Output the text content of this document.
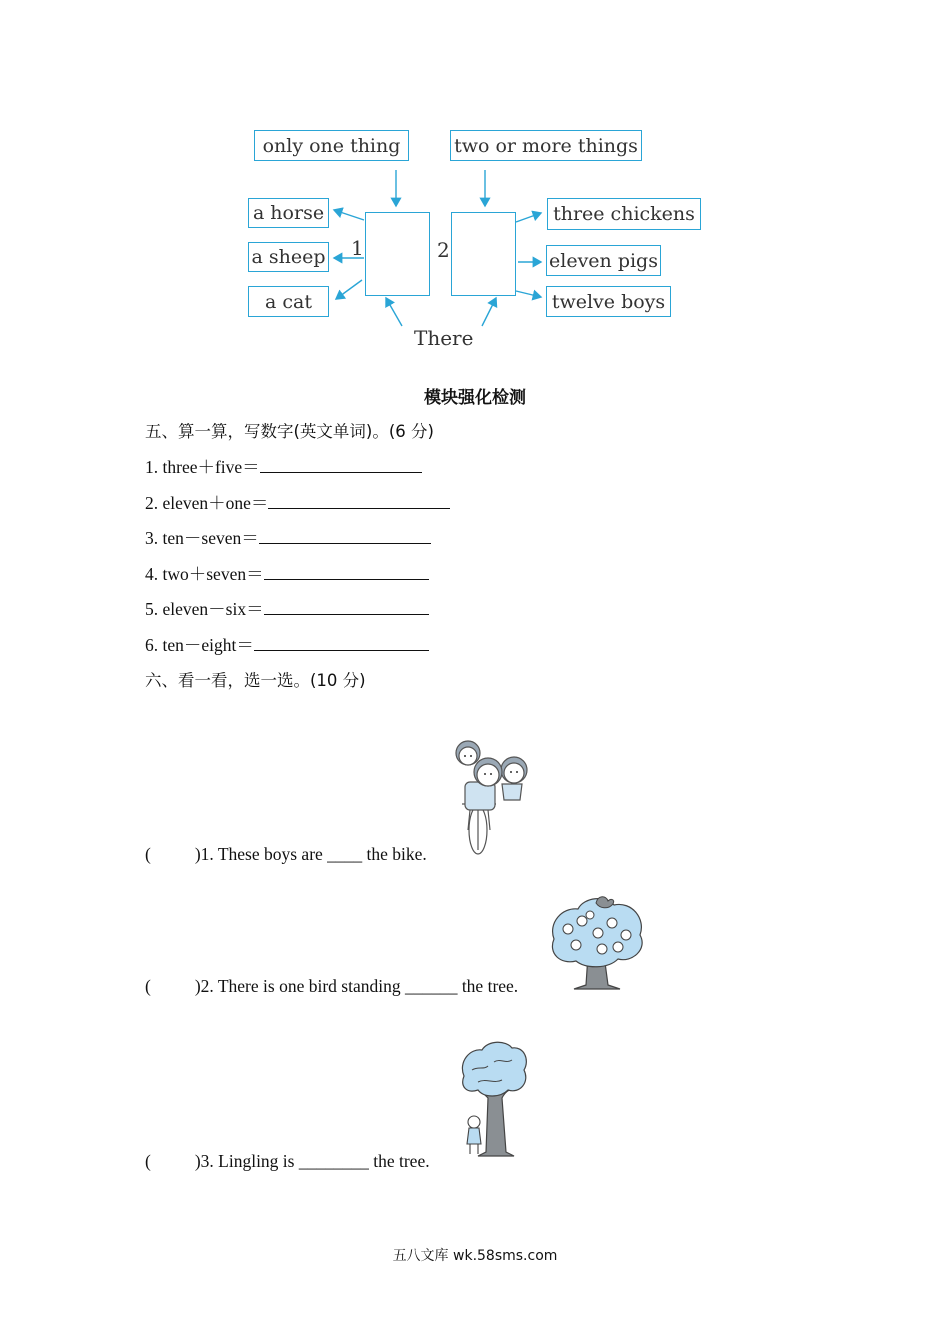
only one thing	two or more things
a horse
a sheep
a cat
1	2
three chickens
eleven pigs
twelve boys
There
模块强化检测
五、算一算，写数字(英文单词)。(6 分)
1. three＋five＝
2. eleven＋one＝
3. ten－seven＝
4. two＋seven＝
5. eleven－six＝
6. ten－eight＝
六、看一看，选一选。(10 分)
(	)1. These boys are ____ the bike.
(	)2. There is one bird standing ______ the tree.
(	)3. Lingling is ________ the tree.
五八文库 wk.58sms.com
